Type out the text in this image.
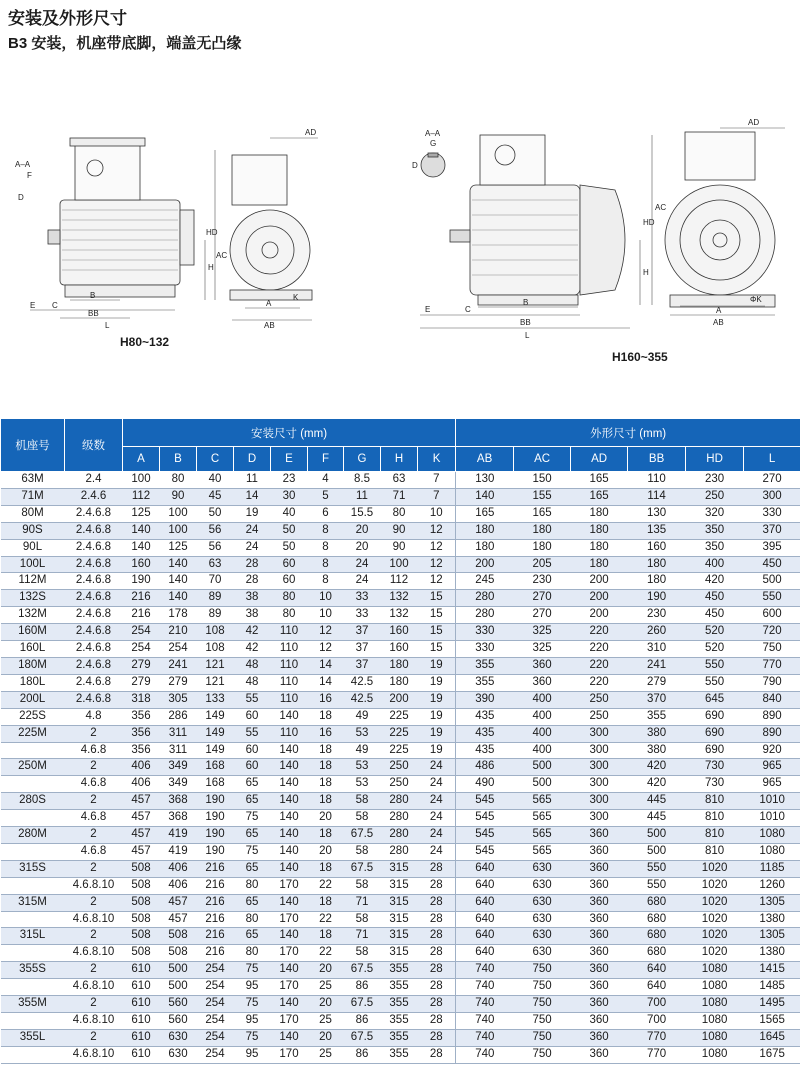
安装及外形尺寸
B3 安装，机座带底脚，端盖无凸缘
A–A
F
D
E C
B
BB
L
HD
H
AC
AD
A
AB
K
A–A
G
D
E	C
B
BB
L
HD
H
AC
AD
A
AB
ΦK
H80~132
H160~355
机座号	级数	安装尺寸 (mm)									外形尺寸 (mm)					
		A	B	C	D	E	F	G	H	K	AB	AC	AD	BB	HD	L
63M	2.4	100	80	40	11	23	4	8.5	63	7	130	150	165	110	230	270
71M	2.4.6	112	90	45	14	30	5	11	71	7	140	155	165	114	250	300
80M	2.4.6.8	125	100	50	19	40	6	15.5	80	10	165	165	180	130	320	330
90S	2.4.6.8	140	100	56	24	50	8	20	90	12	180	180	180	135	350	370
90L	2.4.6.8	140	125	56	24	50	8	20	90	12	180	180	180	160	350	395
100L	2.4.6.8	160	140	63	28	60	8	24	100	12	200	205	180	180	400	450
112M	2.4.6.8	190	140	70	28	60	8	24	112	12	245	230	200	180	420	500
132S	2.4.6.8	216	140	89	38	80	10	33	132	15	280	270	200	190	450	550
132M	2.4.6.8	216	178	89	38	80	10	33	132	15	280	270	200	230	450	600
160M	2.4.6.8	254	210	108	42	110	12	37	160	15	330	325	220	260	520	720
160L	2.4.6.8	254	254	108	42	110	12	37	160	15	330	325	220	310	520	750
180M	2.4.6.8	279	241	121	48	110	14	37	180	19	355	360	220	241	550	770
180L	2.4.6.8	279	279	121	48	110	14	42.5	180	19	355	360	220	279	550	790
200L	2.4.6.8	318	305	133	55	110	16	42.5	200	19	390	400	250	370	645	840
225S	4.8	356	286	149	60	140	18	49	225	19	435	400	250	355	690	890
225M	2	356	311	149	55	110	16	53	225	19	435	400	300	380	690	890
	4.6.8	356	311	149	60	140	18	49	225	19	435	400	300	380	690	920
250M	2	406	349	168	60	140	18	53	250	24	486	500	300	420	730	965
	4.6.8	406	349	168	65	140	18	53	250	24	490	500	300	420	730	965
280S	2	457	368	190	65	140	18	58	280	24	545	565	300	445	810	1010
	4.6.8	457	368	190	75	140	20	58	280	24	545	565	300	445	810	1010
280M	2	457	419	190	65	140	18	67.5	280	24	545	565	360	500	810	1080
	4.6.8	457	419	190	75	140	20	58	280	24	545	565	360	500	810	1080
315S	2	508	406	216	65	140	18	67.5	315	28	640	630	360	550	1020	1185
	4.6.8.10	508	406	216	80	170	22	58	315	28	640	630	360	550	1020	1260
315M	2	508	457	216	65	140	18	71	315	28	640	630	360	680	1020	1305
	4.6.8.10	508	457	216	80	170	22	58	315	28	640	630	360	680	1020	1380
315L	2	508	508	216	65	140	18	71	315	28	640	630	360	680	1020	1305
	4.6.8.10	508	508	216	80	170	22	58	315	28	640	630	360	680	1020	1380
355S	2	610	500	254	75	140	20	67.5	355	28	740	750	360	640	1080	1415
	4.6.8.10	610	500	254	95	170	25	86	355	28	740	750	360	640	1080	1485
355M	2	610	560	254	75	140	20	67.5	355	28	740	750	360	700	1080	1495
	4.6.8.10	610	560	254	95	170	25	86	355	28	740	750	360	700	1080	1565
355L	2	610	630	254	75	140	20	67.5	355	28	740	750	360	770	1080	1645
	4.6.8.10	610	630	254	95	170	25	86	355	28	740	750	360	770	1080	1675
